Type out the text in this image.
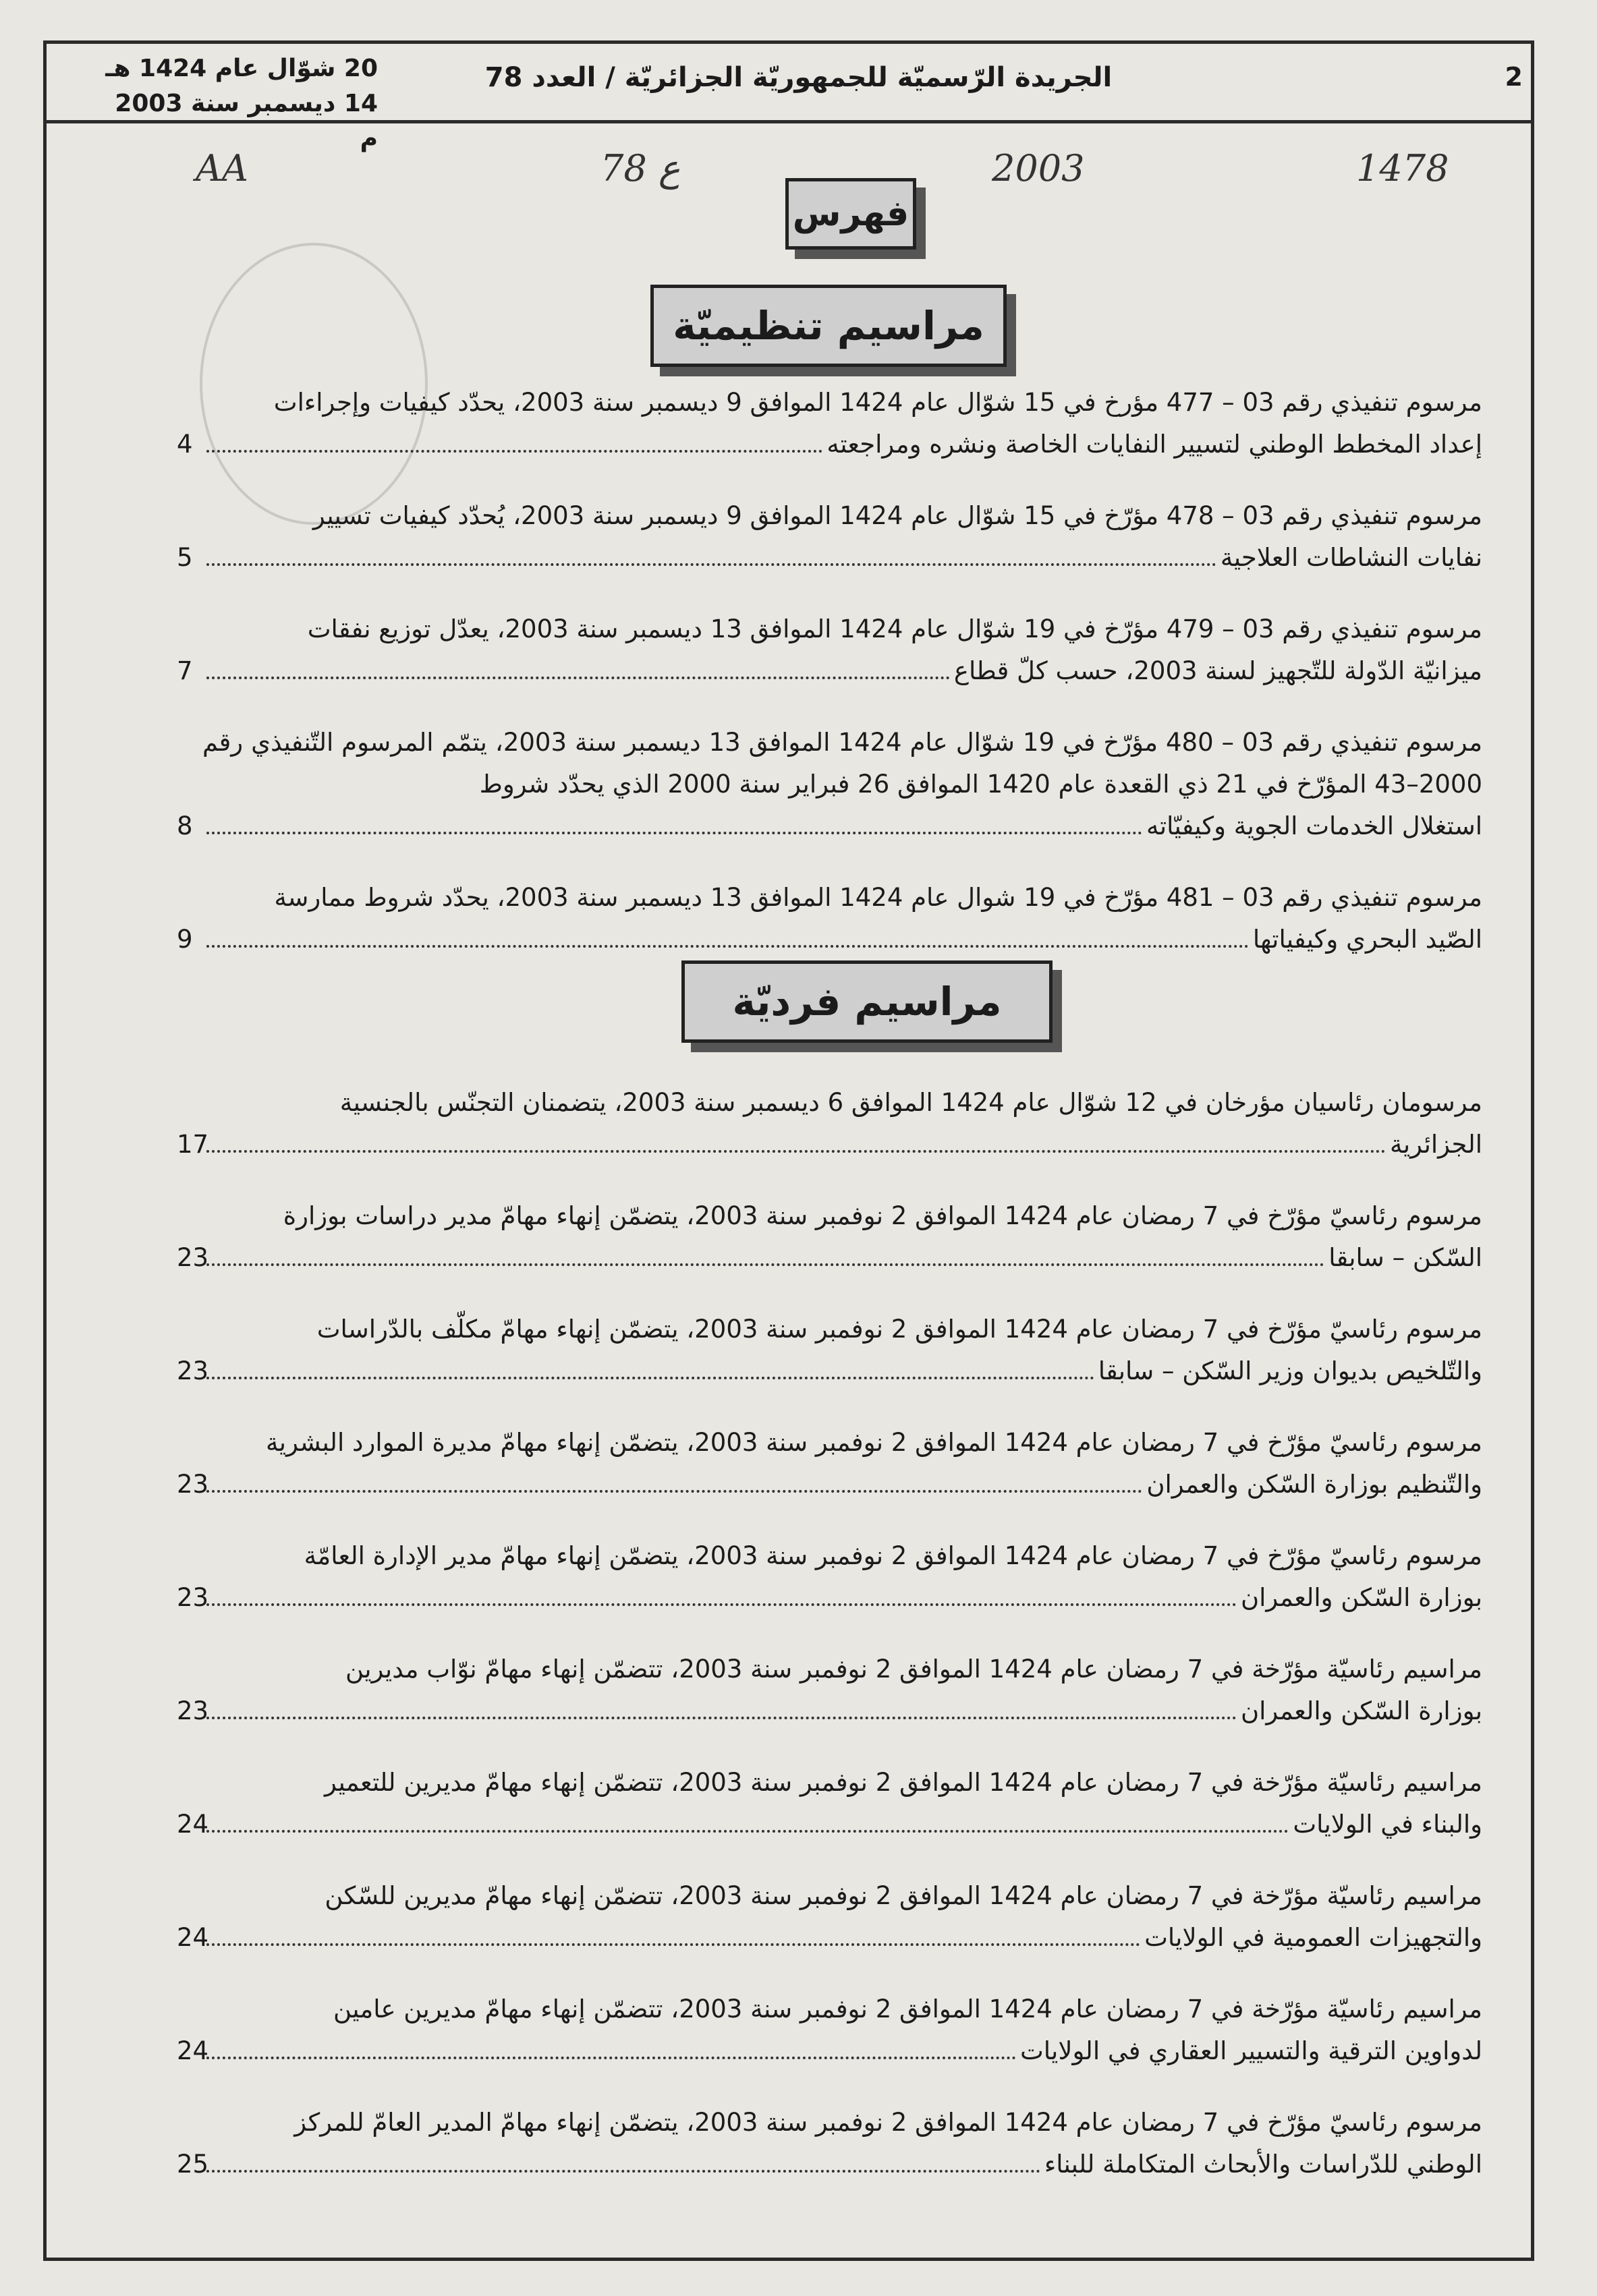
2
الجريدة الرّسميّة للجمهوريّة الجزائريّة / العدد 78
20 شوّال عام 1424 هـ
14 ديسمبر سنة 2003 م
1478
2003
78 ع
AA
فهرس
مراسيم تنظيميّة
مراسيم فرديّة

مرسوم تنفيذي رقم 03 – 477 مؤرخ في 15 شوّال عام 1424 الموافق 9 ديسمبر سنة 2003، يحدّد كيفيات وإجراءات

إعداد المخطط الوطني لتسيير النفايات الخاصة ونشره ومراجعته
4

مرسوم تنفيذي رقم 03 – 478 مؤرّخ في 15 شوّال عام 1424 الموافق 9 ديسمبر سنة 2003، يُحدّد كيفيات تسيير

نفايات النشاطات العلاجية
5

مرسوم تنفيذي رقم 03 – 479 مؤرّخ في 19 شوّال عام 1424 الموافق 13 ديسمبر سنة 2003، يعدّل توزيع نفقات

ميزانيّة الدّولة للتّجهيز لسنة 2003، حسب كلّ قطاع
7

مرسوم تنفيذي رقم 03 – 480 مؤرّخ في 19 شوّال عام 1424 الموافق 13 ديسمبر سنة 2003، يتمّم المرسوم التّنفيذي رقم 2000–43 المؤرّخ في 21 ذي القعدة عام 1420 الموافق 26 فبراير سنة 2000 الذي يحدّد شروط

استغلال الخدمات الجوية وكيفيّاته
8

مرسوم تنفيذي رقم 03 – 481 مؤرّخ في 19 شوال عام 1424 الموافق 13 ديسمبر سنة 2003، يحدّد شروط ممارسة

الصّيد البحري وكيفياتها
9

مرسومان رئاسيان مؤرخان في 12 شوّال عام 1424 الموافق 6 ديسمبر سنة 2003، يتضمنان التجنّس بالجنسية

الجزائرية
17

مرسوم رئاسيّ مؤرّخ في 7 رمضان عام 1424 الموافق 2 نوفمبر سنة 2003، يتضمّن إنهاء مهامّ مدير دراسات بوزارة

السّكن – سابقا
23

مرسوم رئاسيّ مؤرّخ في 7 رمضان عام 1424 الموافق 2 نوفمبر سنة 2003، يتضمّن إنهاء مهامّ مكلّف بالدّراسات

والتّلخيص بديوان وزير السّكن – سابقا
23

مرسوم رئاسيّ مؤرّخ في 7 رمضان عام 1424 الموافق 2 نوفمبر سنة 2003، يتضمّن إنهاء مهامّ مديرة الموارد البشرية

والتّنظيم بوزارة السّكن والعمران
23

مرسوم رئاسيّ مؤرّخ في 7 رمضان عام 1424 الموافق 2 نوفمبر سنة 2003، يتضمّن إنهاء مهامّ مدير الإدارة العامّة

بوزارة السّكن والعمران
23

مراسيم رئاسيّة مؤرّخة في 7 رمضان عام 1424 الموافق 2 نوفمبر سنة 2003، تتضمّن إنهاء مهامّ نوّاب مديرين

بوزارة السّكن والعمران
23

مراسيم رئاسيّة مؤرّخة في 7 رمضان عام 1424 الموافق 2 نوفمبر سنة 2003، تتضمّن إنهاء مهامّ مديرين للتعمير

والبناء في الولايات
24

مراسيم رئاسيّة مؤرّخة في 7 رمضان عام 1424 الموافق 2 نوفمبر سنة 2003، تتضمّن إنهاء مهامّ مديرين للسّكن

والتجهيزات العمومية في الولايات
24

مراسيم رئاسيّة مؤرّخة في 7 رمضان عام 1424 الموافق 2 نوفمبر سنة 2003، تتضمّن إنهاء مهامّ مديرين عامين

لدواوين الترقية والتسيير العقاري في الولايات
24

مرسوم رئاسيّ مؤرّخ في 7 رمضان عام 1424 الموافق 2 نوفمبر سنة 2003، يتضمّن إنهاء مهامّ المدير العامّ للمركز

الوطني للدّراسات والأبحاث المتكاملة للبناء
25
